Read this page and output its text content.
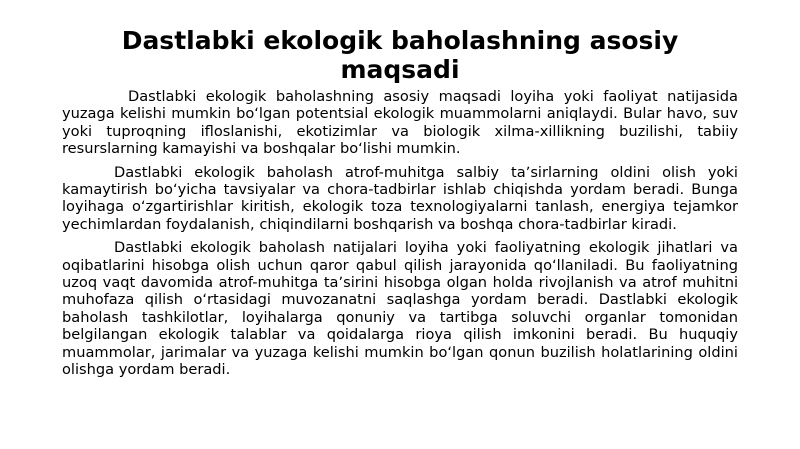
Dastlabki ekologik baholashning asosiy maqsadi

Dastlabki ekologik baholashning asosiy maqsadi loyiha yoki faoliyat natijasida yuzaga kelishi mumkin boʻlgan potentsial ekologik muammolarni aniqlaydi. Bular havo, suv yoki tuproqning ifloslanishi, ekotizimlar va biologik xilma-xillikning buzilishi, tabiiy resurslarning kamayishi va boshqalar boʻlishi mumkin.

Dastlabki ekologik baholash atrof-muhitga salbiy taʼsirlarning oldini olish yoki kamaytirish boʻyicha tavsiyalar va chora-tadbirlar ishlab chiqishda yordam beradi. Bunga loyihaga oʻzgartirishlar kiritish, ekologik toza texnologiyalarni tanlash, energiya tejamkor yechimlardan foydalanish, chiqindilarni boshqarish va boshqa chora-tadbirlar kiradi.

Dastlabki ekologik baholash natijalari loyiha yoki faoliyatning ekologik jihatlari va oqibatlarini hisobga olish uchun qaror qabul qilish jarayonida qoʻllaniladi. Bu faoliyatning uzoq vaqt davomida atrof-muhitga taʼsirini hisobga olgan holda rivojlanish va atrof muhitni muhofaza qilish oʻrtasidagi muvozanatni saqlashga yordam beradi. Dastlabki ekologik baholash tashkilotlar, loyihalarga qonuniy va tartibga soluvchi organlar tomonidan belgilangan ekologik talablar va qoidalarga rioya qilish imkonini beradi. Bu huquqiy muammolar, jarimalar va yuzaga kelishi mumkin boʻlgan qonun buzilish holatlarining oldini olishga yordam beradi.
